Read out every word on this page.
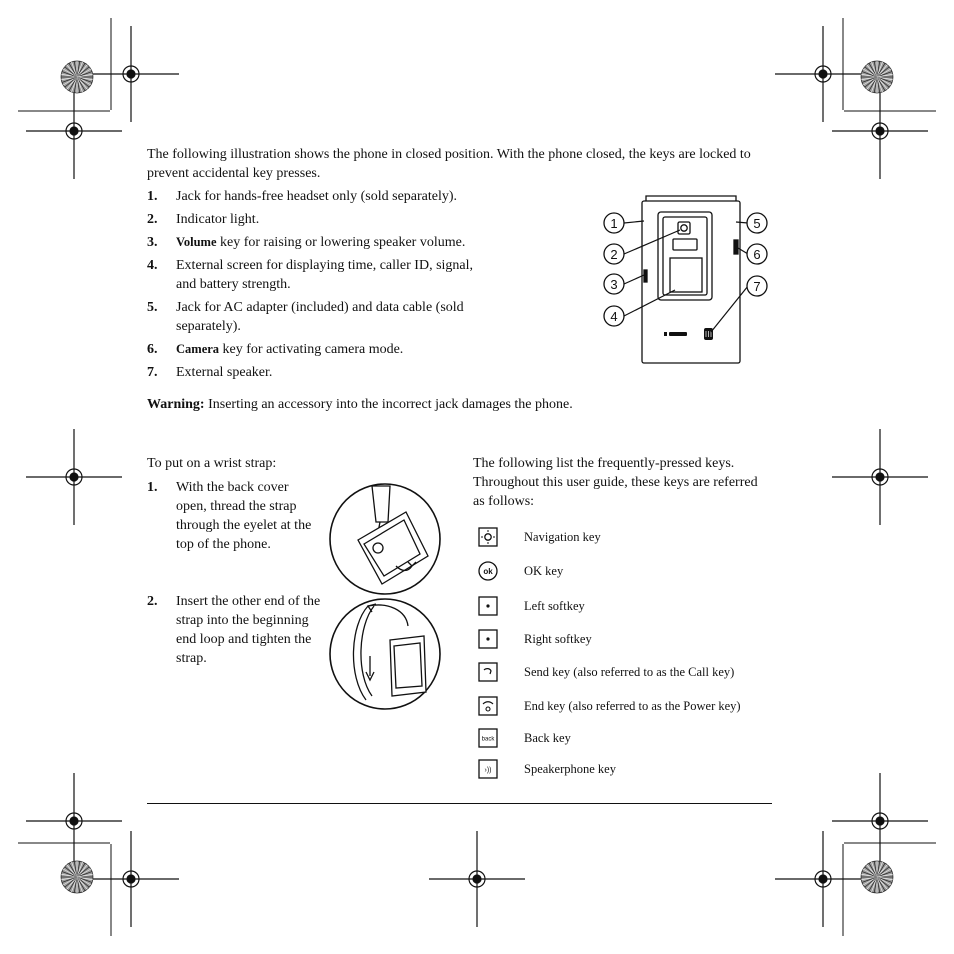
The following illustration shows the phone in closed position. With the phone closed, the keys are locked to prevent accidental key presses.
1. Jack for hands-free headset only (sold separately).
2. Indicator light.
3. Volume key for raising or lowering speaker volume.
4. External screen for displaying time, caller ID, signal, and battery strength.
5. Jack for AC adapter (included) and data cable (sold separately).
6. Camera key for activating camera mode.
7. External speaker.
Warning: Inserting an accessory into the incorrect jack damages the phone.
1
2
3
4
5
6
7
To put on a wrist strap:
1. With the back cover open, thread the strap through the eyelet at the top of the phone.
2. Insert the other end of the strap into the beginning end loop and tighten the strap.
The following list the frequently-pressed keys. Throughout this user guide, these keys are referred as follows:
Navigation key
ok	OK key
Left softkey
Right softkey
Send key (also referred to as the Call key)
End key (also referred to as the Power key)
back Back key
›))	Speakerphone key
